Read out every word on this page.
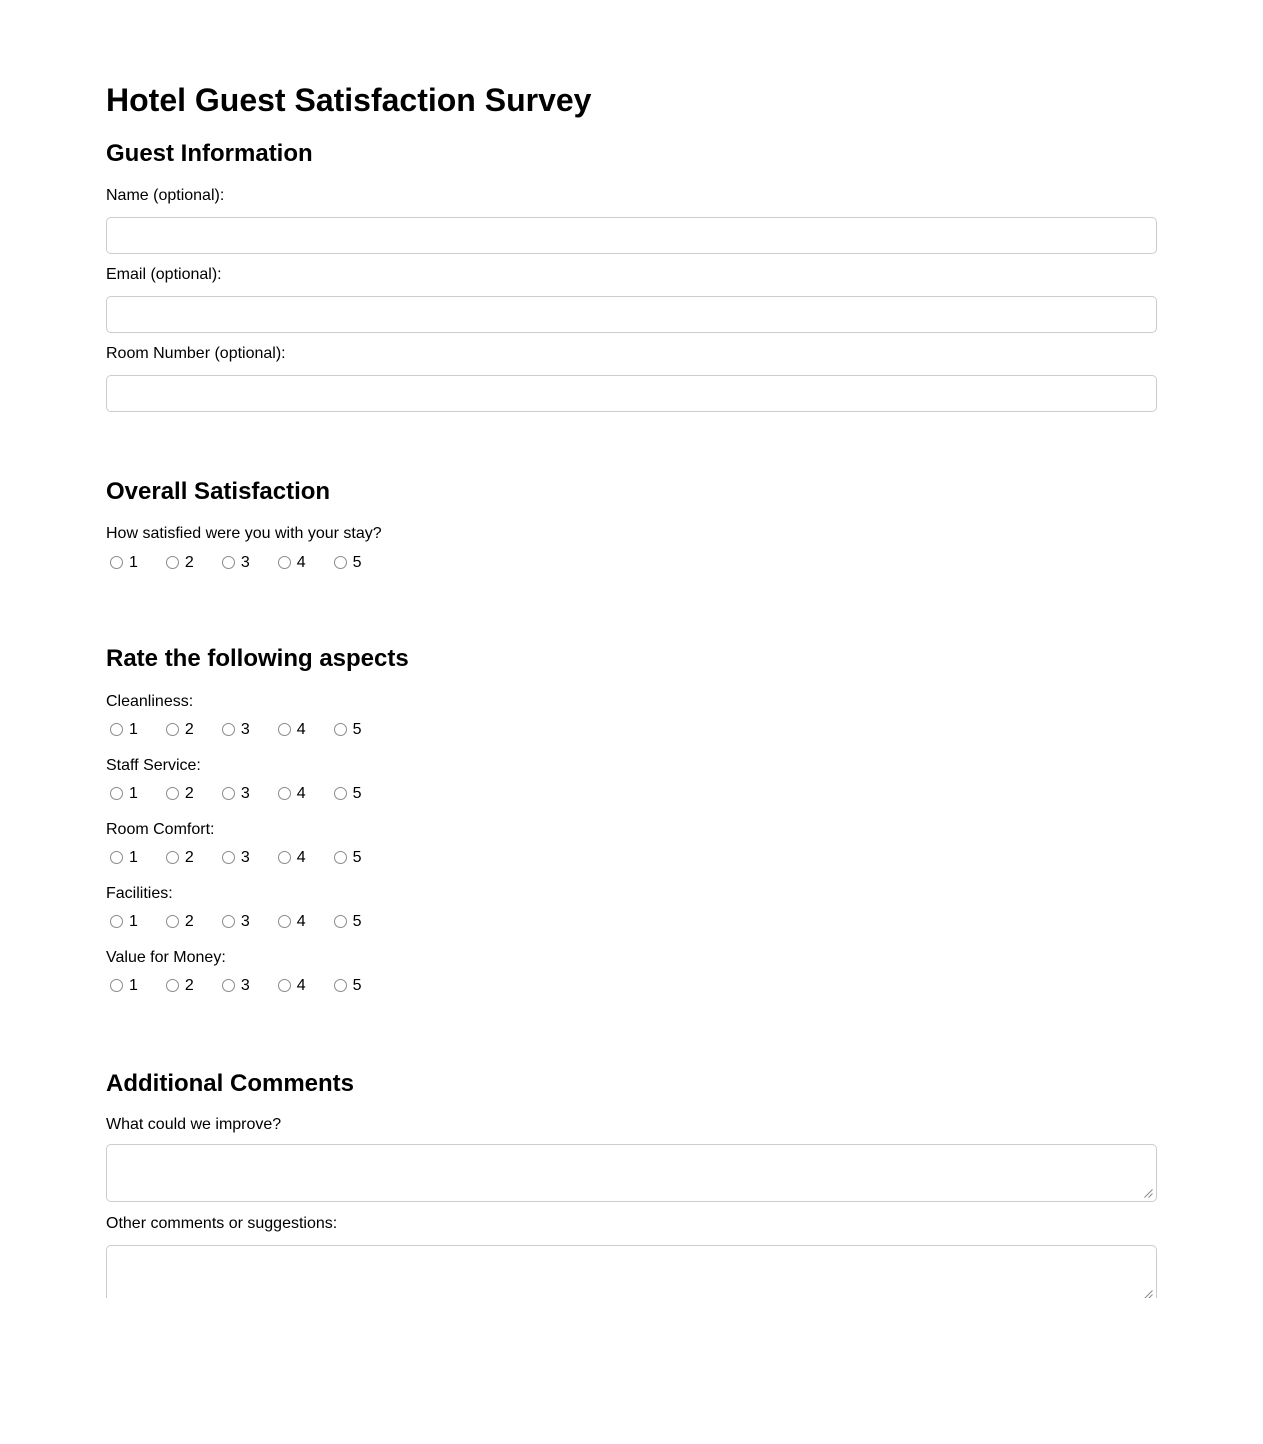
Hotel Guest Satisfaction Survey
Guest Information
Name (optional):
Email (optional):
Room Number (optional):
Overall Satisfaction

How satisfied were you with your stay?

1	2	3	4	5
Rate the following aspects
Cleanliness:
1	2	3	4	5
Staff Service:
1	2	3	4	5
Room Comfort:
1	2	3	4	5
Facilities:
1	2	3	4	5
Value for Money:
1	2	3	4	5
Additional Comments

What could we improve?

Other comments or suggestions:
